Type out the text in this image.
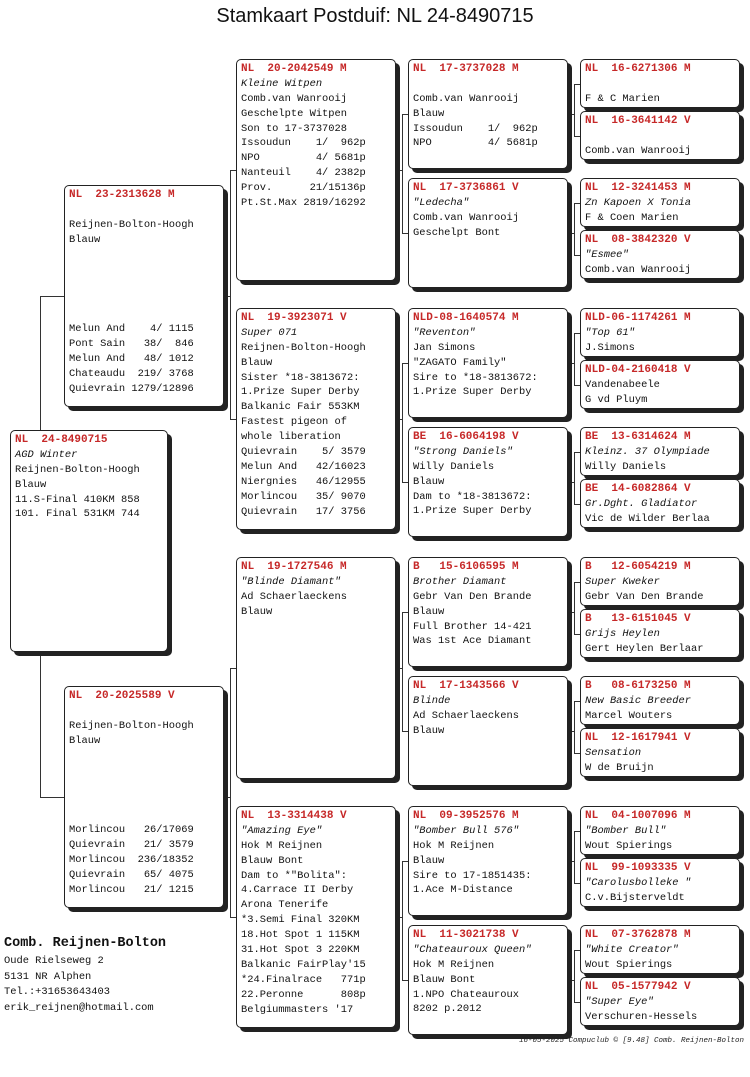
Stamkaart Postduif: NL 24-8490715
NL  24-8490715
AGD Winter
Reijnen-Bolton-Hoogh
Blauw
11.S-Final 410KM 858
101. Final 531KM 744
NL  23-2313628 M
Reijnen-Bolton-Hoogh
Blauw
Melun And    4/ 1115
Pont Sain   38/  846
Melun And   48/ 1012
Chateaudu  219/ 3768
Quievrain 1279/12896
NL  20-2025589 V
Reijnen-Bolton-Hoogh
Blauw
Morlincou   26/17069
Quievrain   21/ 3579
Morlincou  236/18352
Quievrain   65/ 4075
Morlincou   21/ 1215
NL  20-2042549 M
Kleine Witpen
Comb.van Wanrooij
Geschelpte Witpen
Son to 17-3737028
Issoudun    1/  962p
NPO         4/ 5681p
Nanteuil    4/ 2382p
Prov.      21/15136p
Pt.St.Max 2819/16292
NL  19-3923071 V
Super 071
Reijnen-Bolton-Hoogh
Blauw
Sister *18-3813672:
1.Prize Super Derby
Balkanic Fair 553KM
Fastest pigeon of
whole liberation
Quievrain    5/ 3579
Melun And   42/16023
Niergnies   46/12955
Morlincou   35/ 9070
Quievrain   17/ 3756
NL  19-1727546 M
"Blinde Diamant"
Ad Schaerlaeckens
Blauw
NL  13-3314438 V
"Amazing Eye"
Hok M Reijnen
Blauw Bont
Dam to *"Bolita":
4.Carrace II Derby
Arona Tenerife
*3.Semi Final 320KM
18.Hot Spot 1 115KM
31.Hot Spot 3 220KM
Balkanic FairPlay'15
*24.Finalrace   771p
22.Peronne      808p
Belgiummasters '17
NL  17-3737028 M
Comb.van Wanrooij
Blauw
Issoudun    1/  962p
NPO         4/ 5681p
NL  17-3736861 V
"Ledecha"
Comb.van Wanrooij
Geschelpt Bont
NLD-08-1640574 M
"Reventon"
Jan Simons
"ZAGATO Family"
Sire to *18-3813672:
1.Prize Super Derby
BE  16-6064198 V
"Strong Daniels"
Willy Daniels
Blauw
Dam to *18-3813672:
1.Prize Super Derby
B   15-6106595 M
Brother Diamant
Gebr Van Den Brande
Blauw
Full Brother 14-421
Was 1st Ace Diamant
NL  17-1343566 V
Blinde
Ad Schaerlaeckens
Blauw
NL  09-3952576 M
"Bomber Bull 576"
Hok M Reijnen
Blauw
Sire to 17-1851435:
1.Ace M-Distance
NL  11-3021738 V
"Chateauroux Queen"
Hok M Reijnen
Blauw Bont
1.NPO Chateauroux
8202 p.2012
NL  16-6271306 M
F & C Marien
NL  16-3641142 V
Comb.van Wanrooij
NL  12-3241453 M
Zn Kapoen X Tonia
F & Coen Marien
NL  08-3842320 V
"Esmee"
Comb.van Wanrooij
NLD-06-1174261 M
"Top 61"
J.Simons
NLD-04-2160418 V
Vandenabeele
G vd Pluym
BE  13-6314624 M
Kleinz. 37 Olympiade
Willy Daniels
BE  14-6082864 V
Gr.Dght. Gladiator
Vic de Wilder Berlaa
B   12-6054219 M
Super Kweker
Gebr Van Den Brande
B   13-6151045 V
Grijs Heylen
Gert Heylen Berlaar
B   08-6173250 M
New Basic Breeder
Marcel Wouters
NL  12-1617941 V
Sensation
W de Bruijn
NL  04-1007096 M
"Bomber Bull"
Wout Spierings
NL  99-1093335 V
"Carolusbolleke "
C.v.Bijsterveldt
NL  07-3762878 M
"White Creator"
Wout Spierings
NL  05-1577942 V
"Super Eye"
Verschuren-Hessels
Comb. Reijnen-Bolton
Oude Rielseweg 2
5131 NR Alphen
Tel.:+31653643403
erik_reijnen@hotmail.com
16-05-2025 Compuclub © [9.48] Comb. Reijnen-Bolton
